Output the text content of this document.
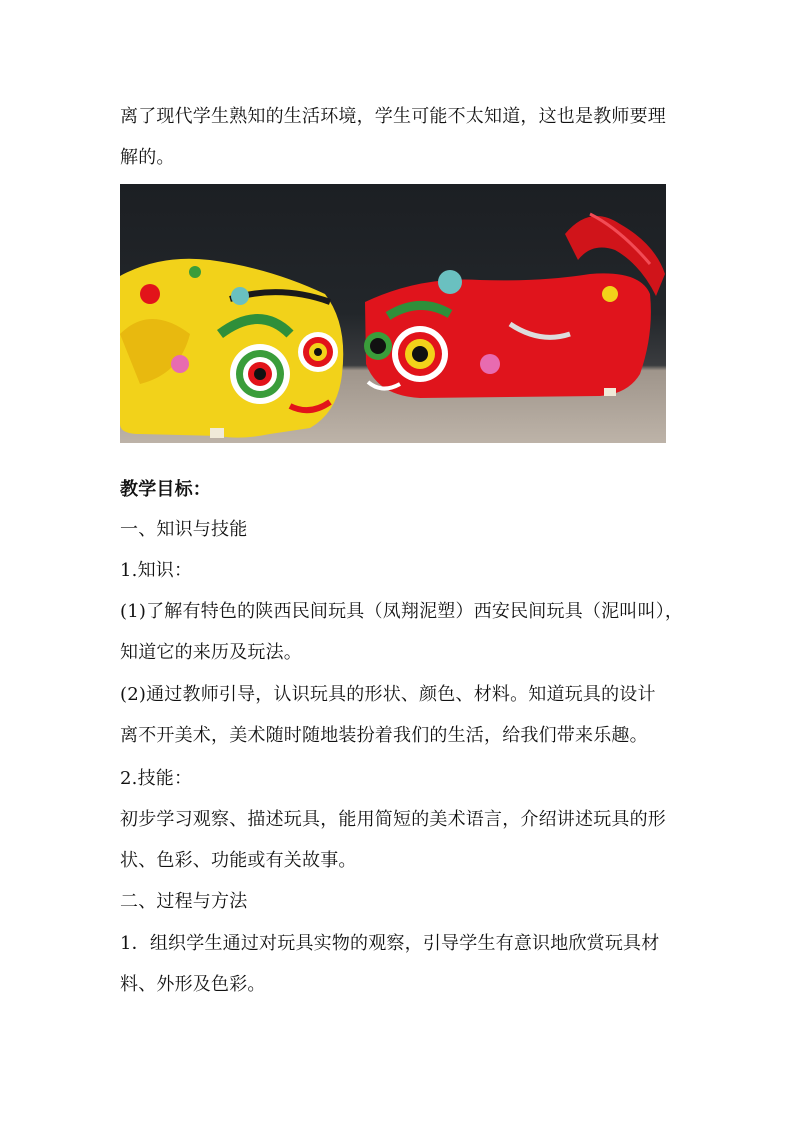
离了现代学生熟知的生活环境，学生可能不太知道，这也是教师要理
解的。
教学目标：
一、知识与技能
1.知识：
(1)了解有特色的陕西民间玩具（凤翔泥塑）西安民间玩具（泥叫叫），
知道它的来历及玩法。
(2)通过教师引导，认识玩具的形状、颜色、材料。知道玩具的设计
离不开美术，美术随时随地装扮着我们的生活，给我们带来乐趣。
2.技能：
初步学习观察、描述玩具，能用简短的美术语言，介绍讲述玩具的形
状、色彩、功能或有关故事。
二、过程与方法
1．组织学生通过对玩具实物的观察，引导学生有意识地欣赏玩具材
料、外形及色彩。
